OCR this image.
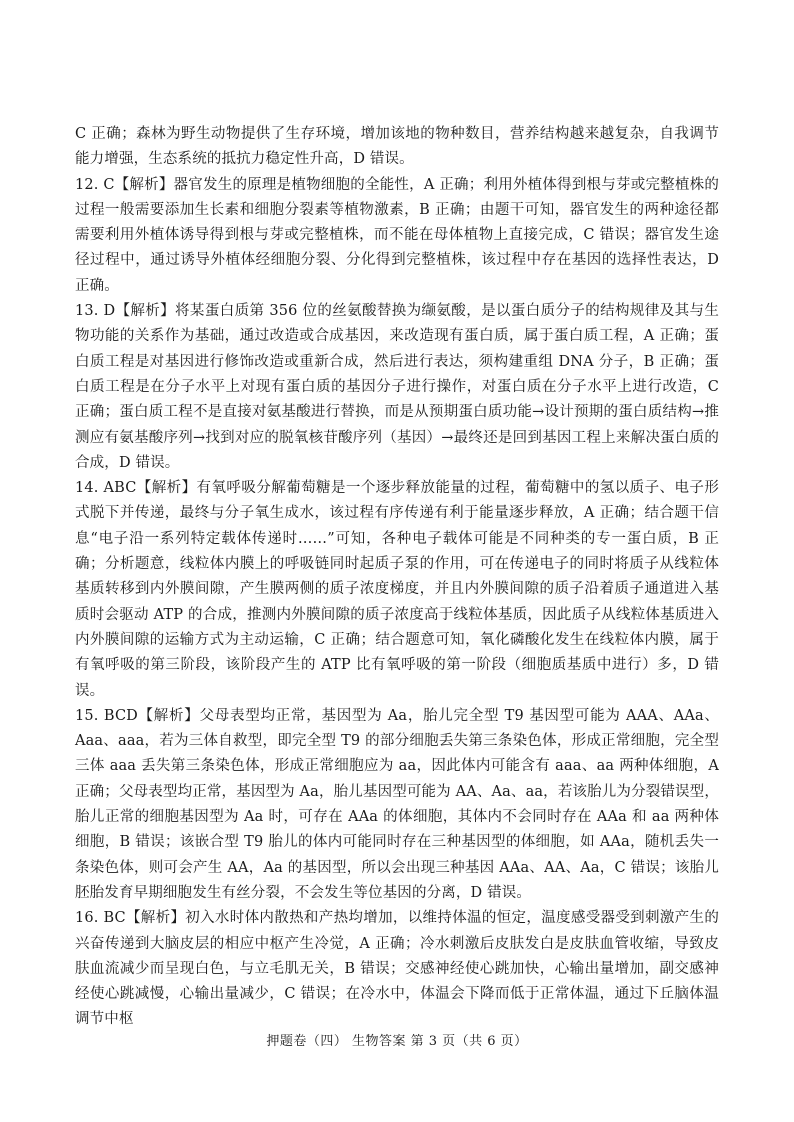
C 正确；森林为野生动物提供了生存环境，增加该地的物种数目，营养结构越来越复杂，自我调节能力增强，生态系统的抵抗力稳定性升高，D 错误。

12. C【解析】器官发生的原理是植物细胞的全能性，A 正确；利用外植体得到根与芽或完整植株的过程一般需要添加生长素和细胞分裂素等植物激素，B 正确；由题干可知，器官发生的两种途径都需要利用外植体诱导得到根与芽或完整植株，而不能在母体植物上直接完成，C 错误；器官发生途径过程中，通过诱导外植体经细胞分裂、分化得到完整植株，该过程中存在基因的选择性表达，D 正确。

13. D【解析】将某蛋白质第 356 位的丝氨酸替换为缬氨酸，是以蛋白质分子的结构规律及其与生物功能的关系作为基础，通过改造或合成基因，来改造现有蛋白质，属于蛋白质工程，A 正确；蛋白质工程是对基因进行修饰改造或重新合成，然后进行表达，须构建重组 DNA 分子，B 正确；蛋白质工程是在分子水平上对现有蛋白质的基因分子进行操作，对蛋白质在分子水平上进行改造，C 正确；蛋白质工程不是直接对氨基酸进行替换，而是从预期蛋白质功能→设计预期的蛋白质结构→推测应有氨基酸序列→找到对应的脱氧核苷酸序列（基因）→最终还是回到基因工程上来解决蛋白质的合成，D 错误。

14. ABC【解析】有氧呼吸分解葡萄糖是一个逐步释放能量的过程，葡萄糖中的氢以质子、电子形式脱下并传递，最终与分子氧生成水，该过程有序传递有利于能量逐步释放，A 正确；结合题干信息“电子沿一系列特定载体传递时……”可知，各种电子载体可能是不同种类的专一蛋白质，B 正确；分析题意，线粒体内膜上的呼吸链同时起质子泵的作用，可在传递电子的同时将质子从线粒体基质转移到内外膜间隙，产生膜两侧的质子浓度梯度，并且内外膜间隙的质子沿着质子通道进入基质时会驱动 ATP 的合成，推测内外膜间隙的质子浓度高于线粒体基质，因此质子从线粒体基质进入内外膜间隙的运输方式为主动运输，C 正确；结合题意可知，氧化磷酸化发生在线粒体内膜，属于有氧呼吸的第三阶段，该阶段产生的 ATP 比有氧呼吸的第一阶段（细胞质基质中进行）多，D 错误。

15. BCD【解析】父母表型均正常，基因型为 Aa，胎儿完全型 T9 基因型可能为 AAA、AAa、Aaa、aaa，若为三体自救型，即完全型 T9 的部分细胞丢失第三条染色体，形成正常细胞，完全型三体 aaa 丢失第三条染色体，形成正常细胞应为 aa，因此体内可能含有 aaa、aa 两种体细胞，A 正确；父母表型均正常，基因型为 Aa，胎儿基因型可能为 AA、Aa、aa，若该胎儿为分裂错误型，胎儿正常的细胞基因型为 Aa 时，可存在 AAa 的体细胞，其体内不会同时存在 AAa 和 aa 两种体细胞，B 错误；该嵌合型 T9 胎儿的体内可能同时存在三种基因型的体细胞，如 AAa，随机丢失一条染色体，则可会产生 AA，Aa 的基因型，所以会出现三种基因 AAa、AA、Aa，C 错误；该胎儿胚胎发育早期细胞发生有丝分裂，不会发生等位基因的分离，D 错误。

16. BC【解析】初入水时体内散热和产热均增加，以维持体温的恒定，温度感受器受到刺激产生的兴奋传递到大脑皮层的相应中枢产生冷觉，A 正确；冷水刺激后皮肤发白是皮肤血管收缩，导致皮肤血流减少而呈现白色，与立毛肌无关，B 错误；交感神经使心跳加快，心输出量增加，副交感神经使心跳减慢，心输出量减少，C 错误；在冷水中，体温会下降而低于正常体温，通过下丘脑体温调节中枢

押题卷（四） 生物答案 第 3 页（共 6 页）
